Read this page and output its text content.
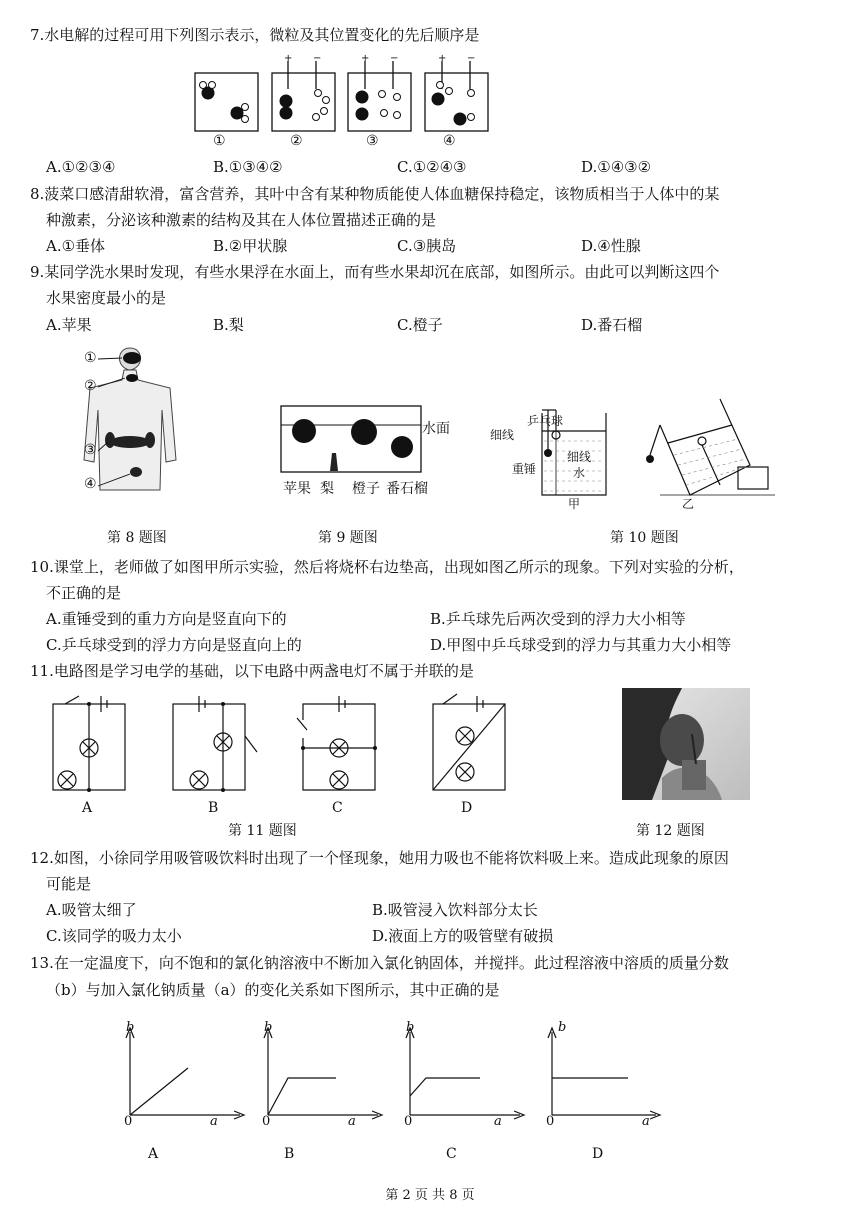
7.水电解的过程可用下列图示表示，微粒及其位置变化的先后顺序是
+ −	+ −	+ −
①	②	③	④
A.①②③④	B.①③④②	C.①②④③	D.①④③②
8.菠菜口感清甜软滑，富含营养，其叶中含有某种物质能使人体血糖保持稳定，该物质相当于人体中的某
种激素，分泌该种激素的结构及其在人体位置描述正确的是
A.①垂体	B.②甲状腺	C.③胰岛	D.④性腺
9.某同学洗水果时发现，有些水果浮在水面上，而有些水果却沉在底部，如图所示。由此可以判断这四个
水果密度最小的是
A.苹果	B.梨	C.橙子	D.番石榴
①
②
③
④
第 8 题图
水面
苹果 梨 橙子 番石榴
第 9 题图
细线
乒乓球
重锤
细线
水
甲	乙
第 10 题图
10.课堂上，老师做了如图甲所示实验，然后将烧杯右边垫高，出现如图乙所示的现象。下列对实验的分析，
不正确的是
A.重锤受到的重力方向是竖直向下的	B.乒乓球先后两次受到的浮力大小相等
C.乒乓球受到的浮力方向是竖直向上的	D.甲图中乒乓球受到的浮力与其重力大小相等
11.电路图是学习电学的基础，以下电路中两盏电灯不属于并联的是
A	B	C	D
第 11 题图	第 12 题图
12.如图，小徐同学用吸管吸饮料时出现了一个怪现象，她用力吸也不能将饮料吸上来。造成此现象的原因
可能是
A.吸管太细了	B.吸管浸入饮料部分太长
C.该同学的吸力太小	D.液面上方的吸管壁有破损
13.在一定温度下，向不饱和的氯化钠溶液中不断加入氯化钠固体，并搅拌。此过程溶液中溶质的质量分数
（b）与加入氯化钠质量（a）的变化关系如下图所示，其中正确的是
b	b	b	b
0	0	0	0
a	a	a	a
A	B	C	D
第 2 页 共 8 页
